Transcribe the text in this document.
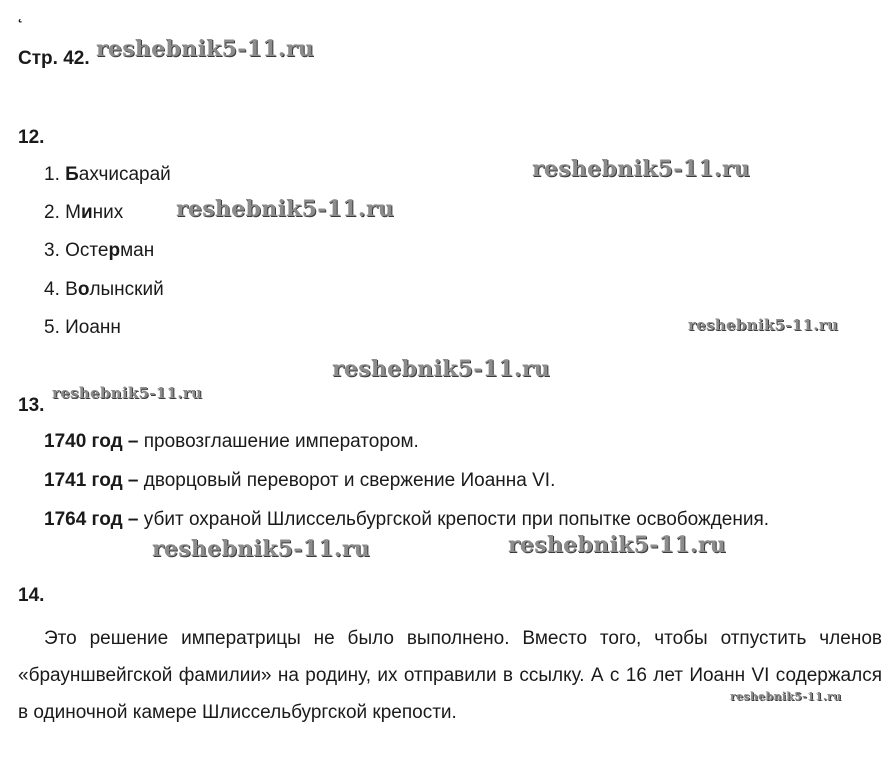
˛
Стр. 42.
12.
1. Бахчисарай
2. Миних
3. Остерман
4. Волынский
5. Иоанн
13.
1740 год – провозглашение императором.
1741 год – дворцовый переворот и свержение Иоанна VI.
1764 год – убит охраной Шлиссельбургской крепости при попытке освобождения.
14.

Это решение императрицы не было выполнено. Вместо того, чтобы отпустить членов «брауншвейгской фамилии» на родину, их отправили в ссылку. А с 16 лет Иоанн VI содержался в одиночной камере Шлиссельбургской крепости.

reshebnik5-11.ru
reshebnik5-11.ru
reshebnik5-11.ru
reshebnik5-11.ru
reshebnik5-11.ru
reshebnik5-11.ru
reshebnik5-11.ru	reshebnik5-11.ru
reshebnik5-11.ru
